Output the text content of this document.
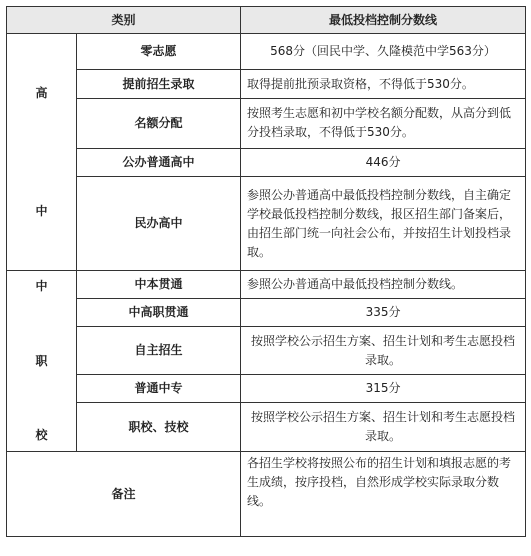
类别		最低投档控制分数线

高
中	零志愿	568分（回民中学、久隆模范中学563分）
	提前招生录取	取得提前批预录取资格，不得低于530分。
	名额分配	按照考生志愿和初中学校名额分配数，从高分到低分投档录取，不得低于530分。
	公办普通高中	446分
	民办高中	参照公办普通高中最低投档控制分数线，自主确定学校最低投档控制分数线，报区招生部门备案后，由招生部门统一向社会公布，并按招生计划投档录取。

中
职
校	中本贯通	参照公办普通高中最低投档控制分数线。
	中高职贯通	335分
	自主招生	按照学校公示招生方案、招生计划和考生志愿投档录取。
	普通中专	315分
	职校、技校	按照学校公示招生方案、招生计划和考生志愿投档录取。
备注		各招生学校将按照公布的招生计划和填报志愿的考生成绩，按序投档，自然形成学校实际录取分数线。
